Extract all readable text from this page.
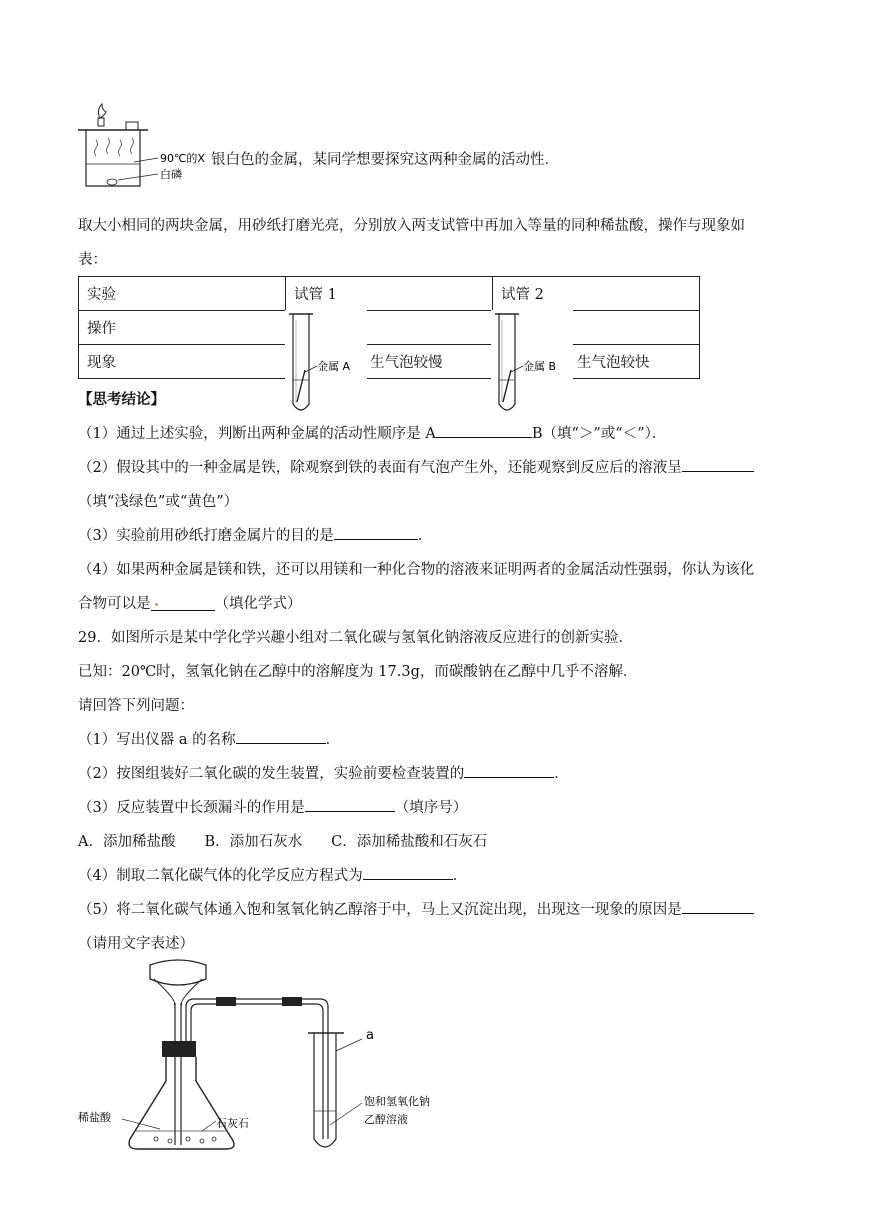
90℃的X
白磷
银白色的金属，某同学想要探究这两种金属的活动性．
取大小相同的两块金属，用砂纸打磨光亮，分别放入两支试管中再加入等量的同种稀盐酸，操作与现象如
表：
实验	试管 1	试管 2
操作		
现象	生气泡较慢	生气泡较快
金属 A	金属 B
【思考结论】
（1）通过上述实验，判断出两种金属的活动性顺序是 A	B（填“＞”或“＜”）．
（2）假设其中的一种金属是铁，除观察到铁的表面有气泡产生外，还能观察到反应后的溶液呈
（填“浅绿色”或“黄色”）
（3）实验前用砂纸打磨金属片的目的是	．
（4）如果两种金属是镁和铁，还可以用镁和一种化合物的溶液来证明两者的金属活动性强弱，你认为该化
合物可以是	（填化学式）
29．如图所示是某中学化学兴趣小组对二氧化碳与氢氧化钠溶液反应进行的创新实验．
已知：20℃时，氢氧化钠在乙醇中的溶解度为 17.3g，而碳酸钠在乙醇中几乎不溶解．
请回答下列问题：
（1）写出仪器 a 的名称	．
（2）按图组装好二氧化碳的发生装置，实验前要检查装置的	．
（3）反应装置中长颈漏斗的作用是	（填序号）
A．添加稀盐酸　　B．添加石灰水　　C．添加稀盐酸和石灰石
（4）制取二氧化碳气体的化学反应方程式为	．
（5）将二氧化碳气体通入饱和氢氧化钠乙醇溶于中，马上又沉淀出现，出现这一现象的原因是
（请用文字表述）
a
稀盐酸	石灰石
饱和氢氧化钠
乙醇溶液
